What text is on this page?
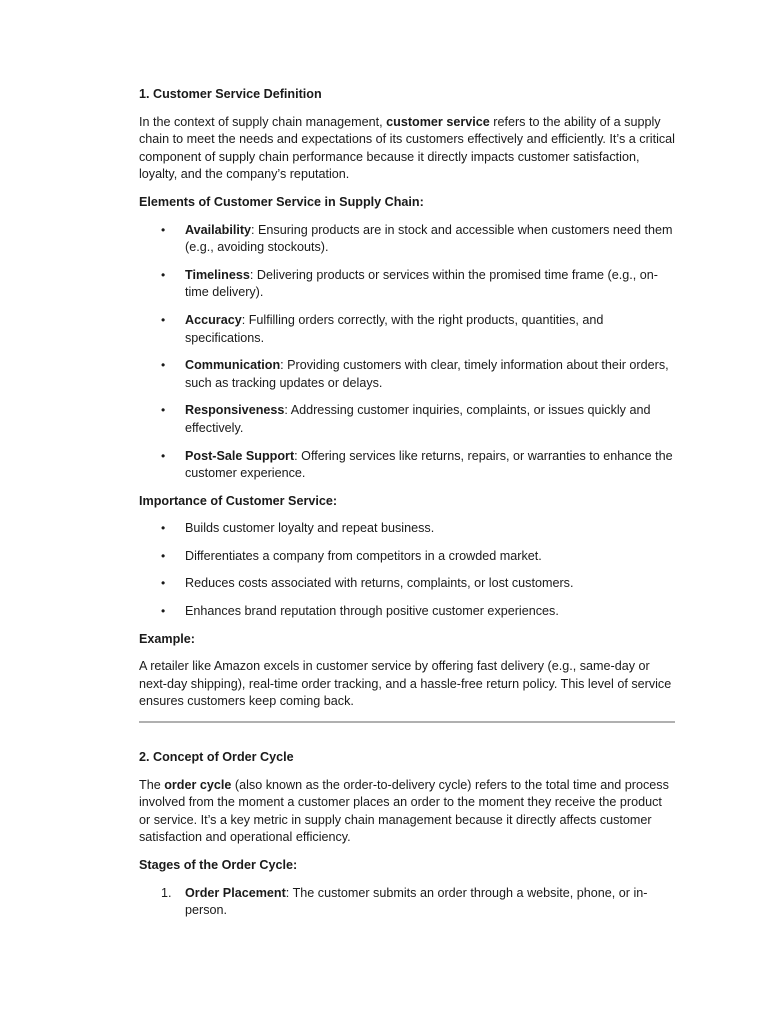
1. Customer Service Definition

In the context of supply chain management, customer service refers to the ability of a supply chain to meet the needs and expectations of its customers effectively and efficiently. It’s a critical component of supply chain performance because it directly impacts customer satisfaction, loyalty, and the company’s reputation.

Elements of Customer Service in Supply Chain:
•	Availability: Ensuring products are in stock and accessible when customers need them (e.g., avoiding stockouts).
•	Timeliness: Delivering products or services within the promised time frame (e.g., on-time delivery).
•	Accuracy: Fulfilling orders correctly, with the right products, quantities, and specifications.
•	Communication: Providing customers with clear, timely information about their orders, such as tracking updates or delays.
•	Responsiveness: Addressing customer inquiries, complaints, or issues quickly and effectively.
•	Post-Sale Support: Offering services like returns, repairs, or warranties to enhance the customer experience.
Importance of Customer Service:
•	Builds customer loyalty and repeat business.
•	Differentiates a company from competitors in a crowded market.
•	Reduces costs associated with returns, complaints, or lost customers.
•	Enhances brand reputation through positive customer experiences.
Example:

A retailer like Amazon excels in customer service by offering fast delivery (e.g., same-day or next-day shipping), real-time order tracking, and a hassle-free return policy. This level of service ensures customers keep coming back.

2. Concept of Order Cycle

The order cycle (also known as the order-to-delivery cycle) refers to the total time and process involved from the moment a customer places an order to the moment they receive the product or service. It’s a key metric in supply chain management because it directly affects customer satisfaction and operational efficiency.

Stages of the Order Cycle:
1.	Order Placement: The customer submits an order through a website, phone, or in-person.
